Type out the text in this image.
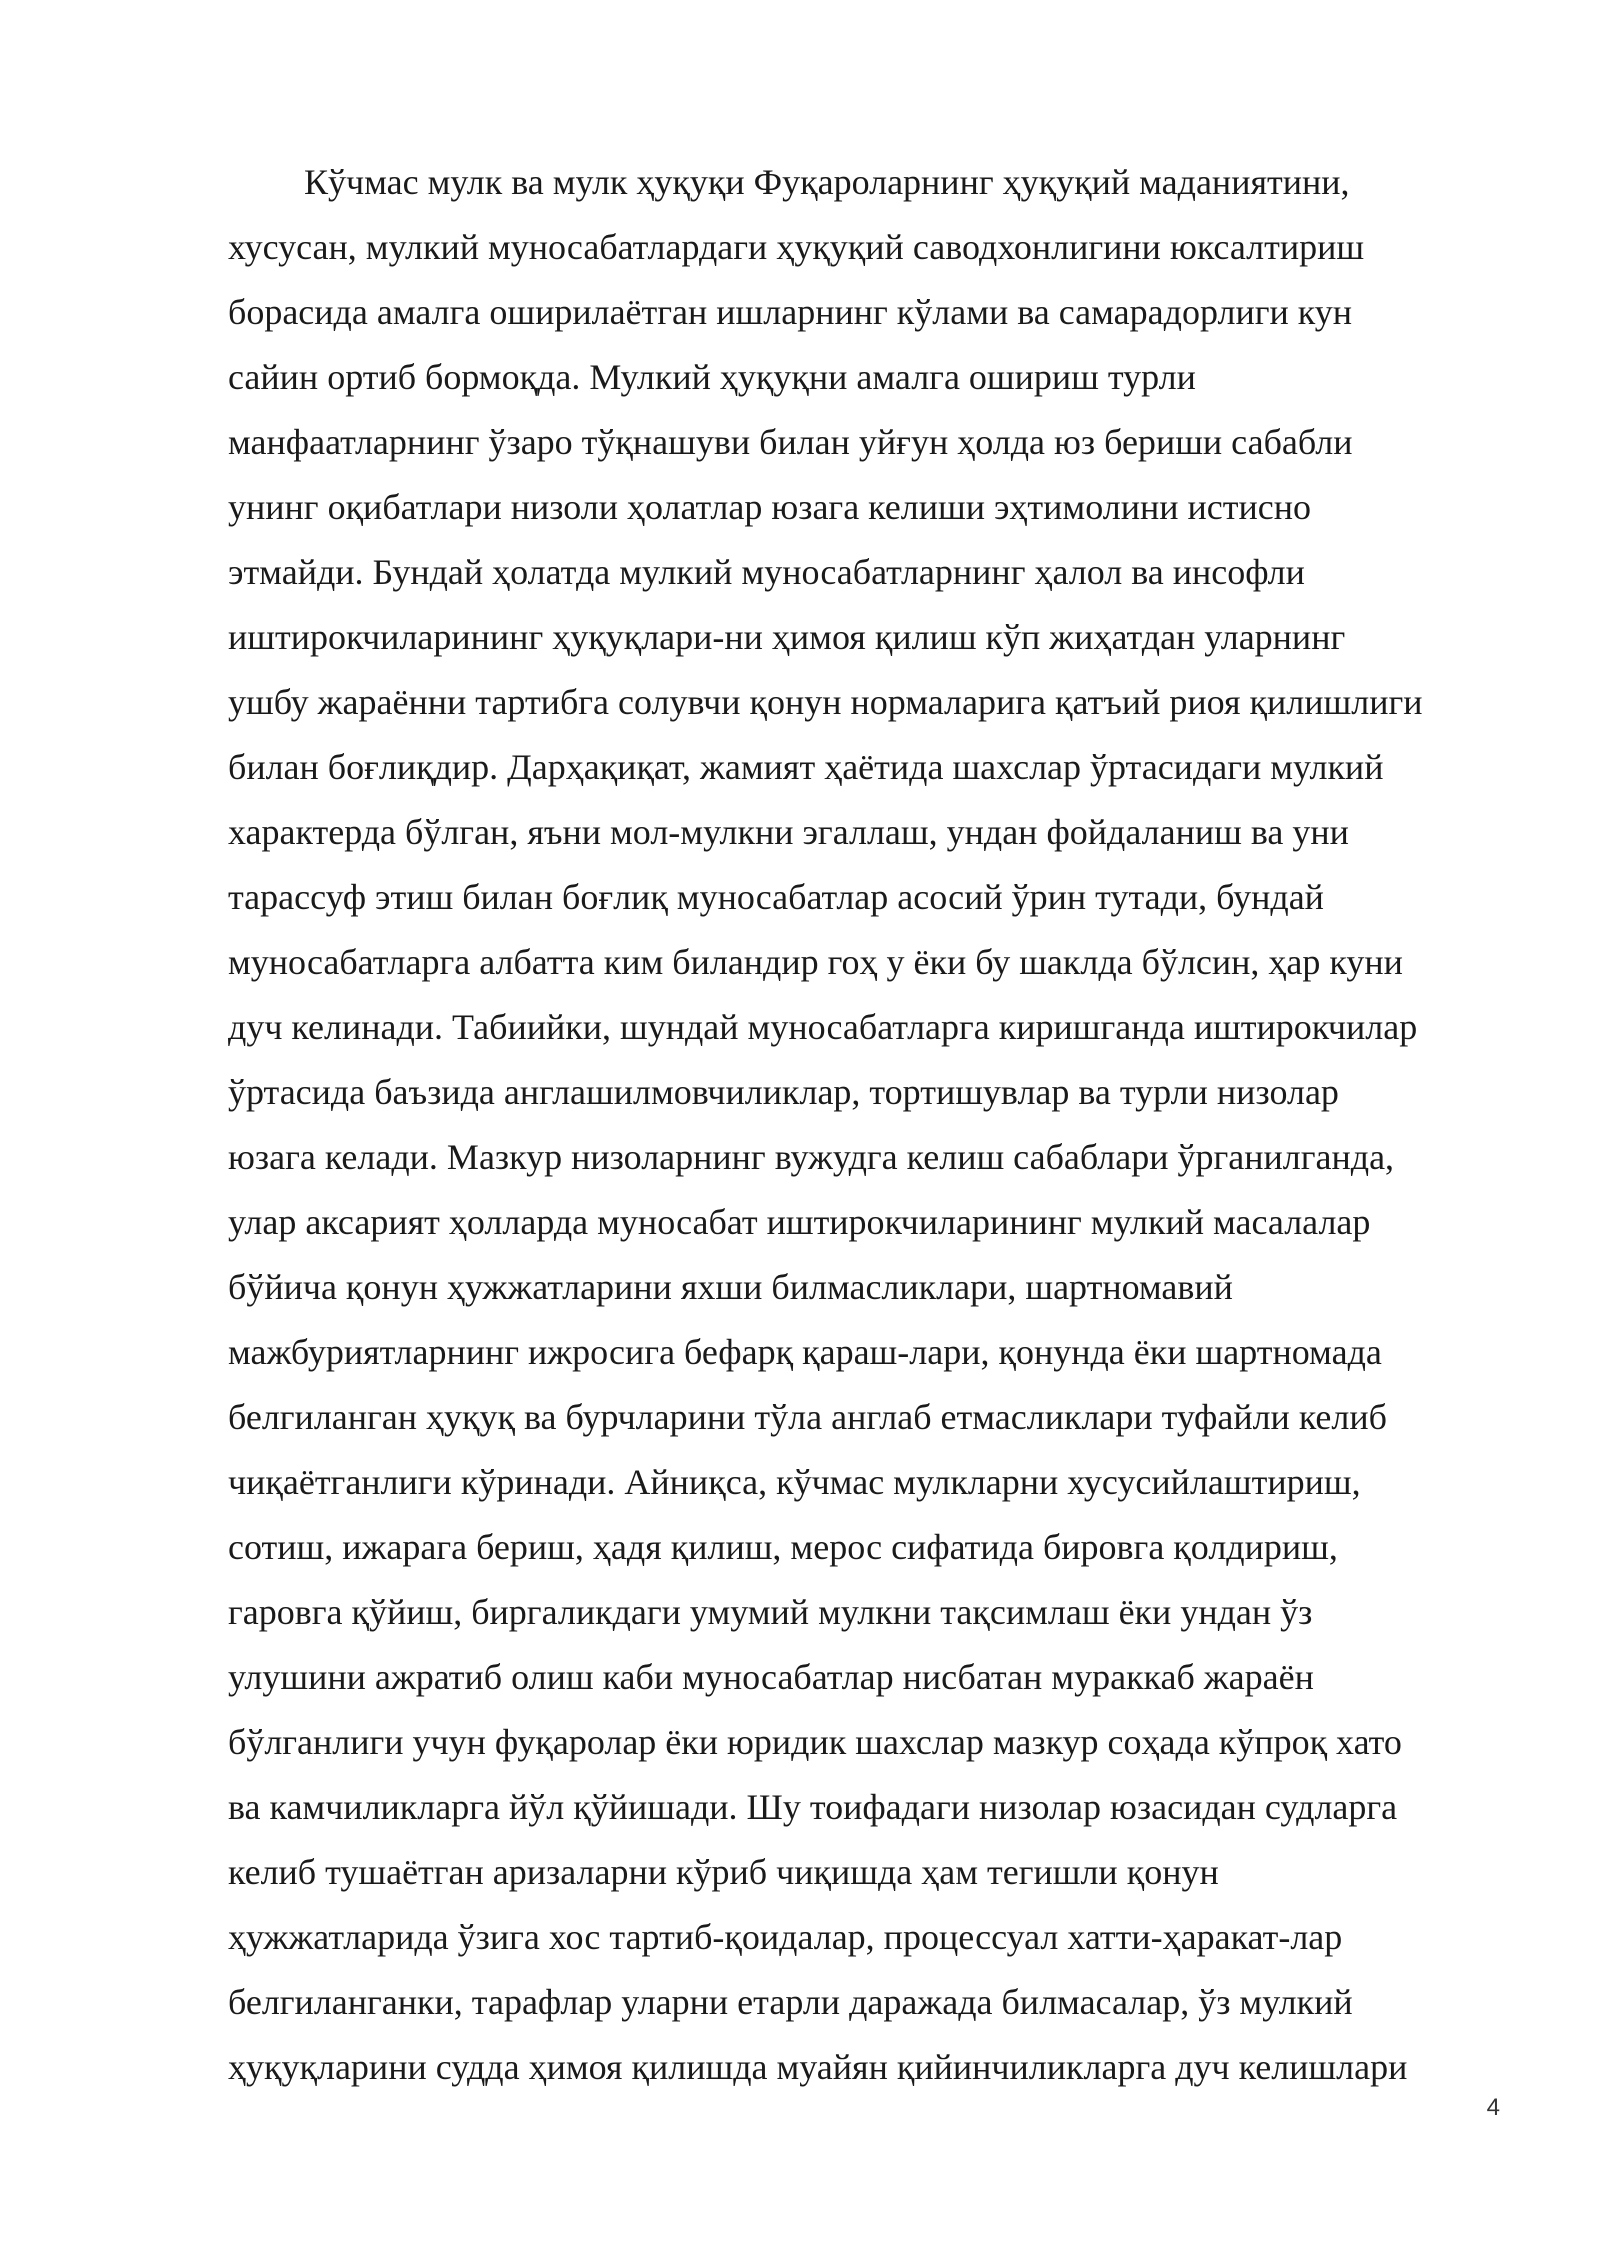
Кўчмас мулк ва мулк ҳуқуқи Фуқароларнинг ҳуқуқий маданиятини,
хусусан, мулкий муносабатлардаги ҳуқуқий саводхонлигини юксалтириш
борасида амалга оширилаётган ишларнинг кўлами ва самарадорлиги кун
сайин ортиб бормоқда. Мулкий ҳуқуқни амалга ошириш турли
манфаатларнинг ўзаро тўқнашуви билан уйғун ҳолда юз бериши сабабли
унинг оқибатлари низоли ҳолатлар юзага келиши эҳтимолини истисно
этмайди. Бундай ҳолатда мулкий муносабатларнинг ҳалол ва инсофли
иштирокчиларининг ҳуқуқлари-ни ҳимоя қилиш кўп жиҳатдан уларнинг
ушбу жараённи тартибга солувчи қонун нормаларига қатъий риоя қилишлиги
билан боғлиқдир. Дарҳақиқат, жамият ҳаётида шахслар ўртасидаги мулкий
характерда бўлган, яъни мол-мулкни эгаллаш, ундан фойдаланиш ва уни
тарассуф этиш билан боғлиқ муносабатлар асосий ўрин тутади, бундай
муносабатларга албатта ким биландир гоҳ у ёки бу шаклда бўлсин, ҳар куни
дуч келинади. Табиийки, шундай муносабатларга киришганда иштирокчилар
ўртасида баъзида англашилмовчиликлар, тортишувлар ва турли низолар
юзага келади. Мазкур низоларнинг вужудга келиш сабаблари ўрганилганда,
улар аксарият ҳолларда муносабат иштирокчиларининг мулкий масалалар
бўйича қонун ҳужжатларини яхши билмасликлари, шартномавий
мажбуриятларнинг ижросига бефарқ қараш-лари, қонунда ёки шартномада
белгиланган ҳуқуқ ва бурчларини тўла англаб етмасликлари туфайли келиб
чиқаётганлиги кўринади. Айниқса, кўчмас мулкларни хусусийлаштириш,
сотиш, ижарага бериш, ҳадя қилиш, мерос сифатида бировга қолдириш,
гаровга қўйиш, биргаликдаги умумий мулкни тақсимлаш ёки ундан ўз
улушини ажратиб олиш каби муносабатлар нисбатан мураккаб жараён
бўлганлиги учун фуқаролар ёки юридик шахслар мазкур соҳада кўпроқ хато
ва камчиликларга йўл қўйишади. Шу тоифадаги низолар юзасидан судларга
келиб тушаётган аризаларни кўриб чиқишда ҳам тегишли қонун
ҳужжатларида ўзига хос тартиб-қоидалар, процессуал хатти-ҳаракат-лар
белгиланганки, тарафлар уларни етарли даражада билмасалар, ўз мулкий
ҳуқуқларини судда ҳимоя қилишда муайян қийинчиликларга дуч келишлари

4
